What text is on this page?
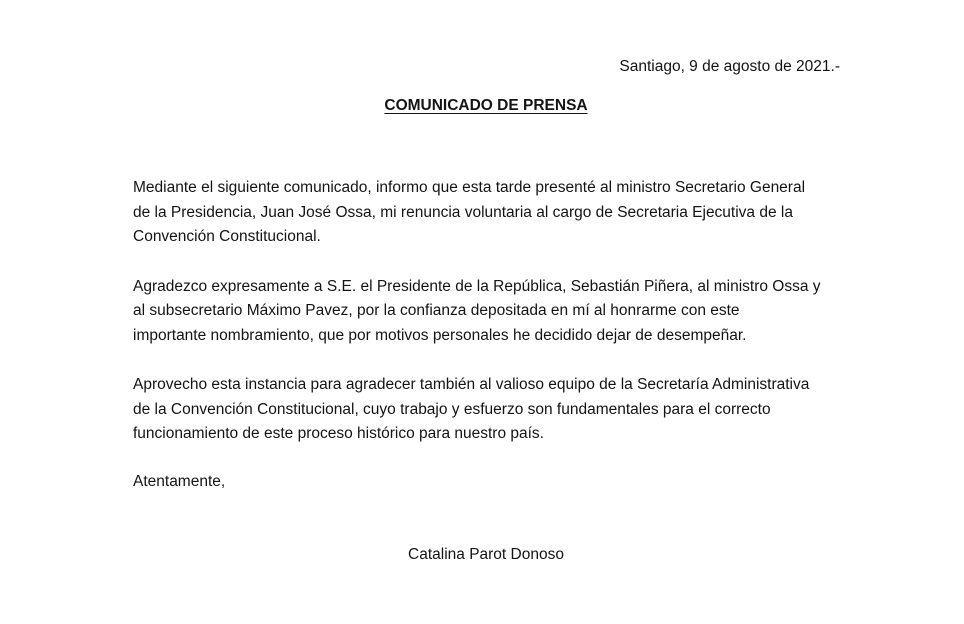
Santiago, 9 de agosto de 2021.-
COMUNICADO DE PRENSA

Mediante el siguiente comunicado, informo que esta tarde presenté al ministro Secretario General
de la Presidencia, Juan José Ossa, mi renuncia voluntaria al cargo de Secretaria Ejecutiva de la
Convención Constitucional.

Agradezco expresamente a S.E. el Presidente de la República, Sebastián Piñera, al ministro Ossa y
al subsecretario Máximo Pavez, por la confianza depositada en mí al honrarme con este
importante nombramiento, que por motivos personales he decidido dejar de desempeñar.

Aprovecho esta instancia para agradecer también al valioso equipo de la Secretaría Administrativa
de la Convención Constitucional, cuyo trabajo y esfuerzo son fundamentales para el correcto
funcionamiento de este proceso histórico para nuestro país.

Atentamente,
Catalina Parot Donoso
